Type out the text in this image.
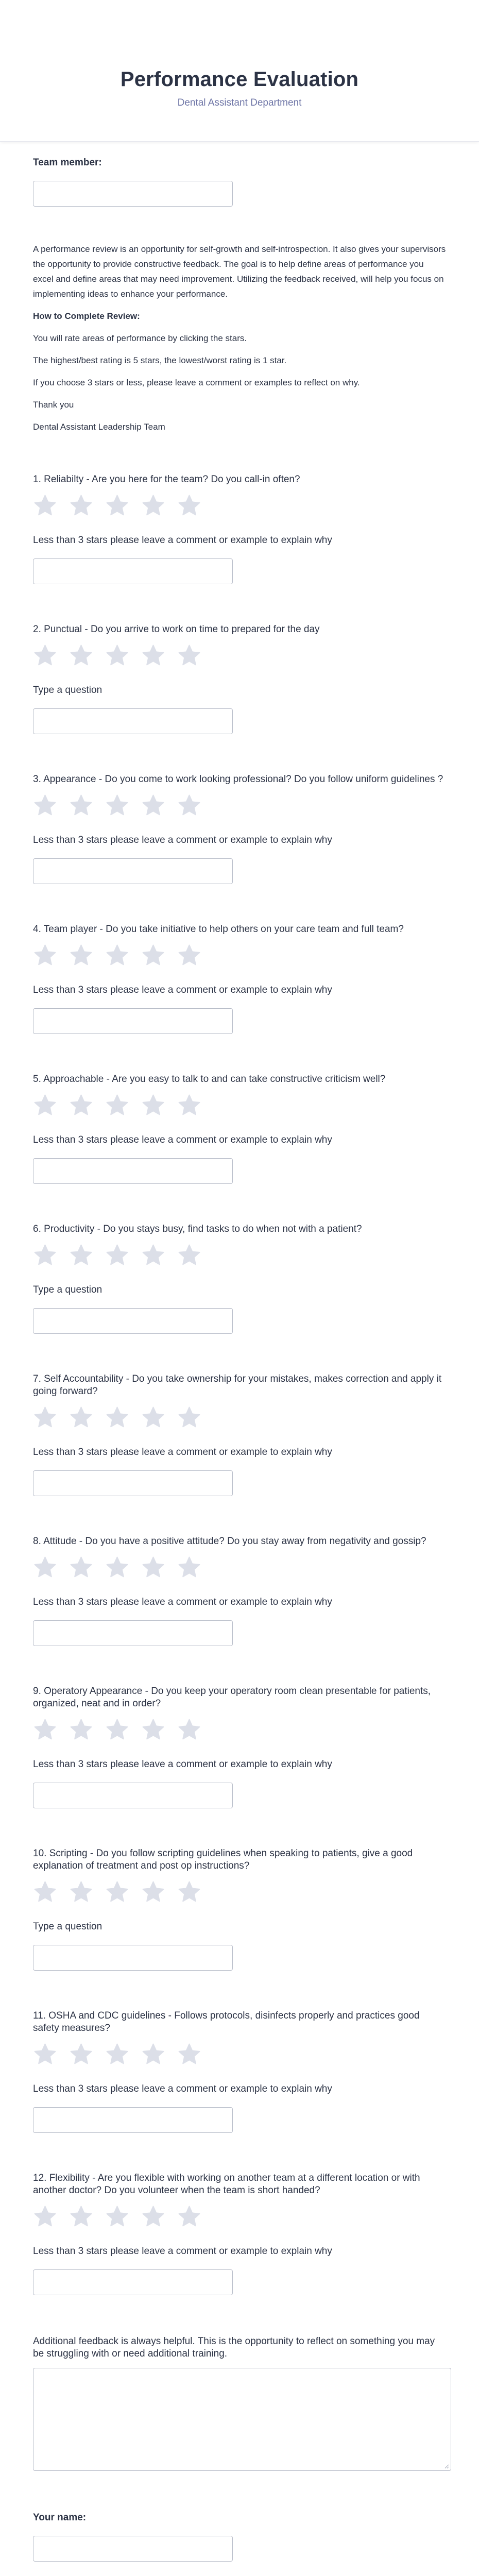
Performance Evaluation
Dental Assistant Department
Team member:

A performance review is an opportunity for self-growth and self-introspection. It also gives your supervisors the opportunity to provide constructive feedback. The goal is to help define areas of performance you excel and define areas that may need improvement. Utilizing the feedback received, will help you focus on implementing ideas to enhance your performance.

How to Complete Review:

You will rate areas of performance by clicking the stars.

The highest/best rating is 5 stars, the lowest/worst rating is 1 star.

If you choose 3 stars or less, please leave a comment or examples to reflect on why.

Thank you

Dental Assistant Leadership Team

1. Reliabilty - Are you here for the team? Do you call-in often?
Less than 3 stars please leave a comment or example to explain why
2. Punctual - Do you arrive to work on time to prepared for the day
Type a question
3. Appearance - Do you come to work looking professional? Do you follow uniform guidelines ?
Less than 3 stars please leave a comment or example to explain why
4. Team player - Do you take initiative to help others on your care team and full team?
Less than 3 stars please leave a comment or example to explain why
5. Approachable - Are you easy to talk to and can take constructive criticism well?
Less than 3 stars please leave a comment or example to explain why
6. Productivity - Do you stays busy, find tasks to do when not with a patient?
Type a question
7. Self Accountability - Do you take ownership for your mistakes, makes correction and apply it going forward?
Less than 3 stars please leave a comment or example to explain why
8. Attitude - Do you have a positive attitude? Do you stay away from negativity and gossip?
Less than 3 stars please leave a comment or example to explain why
9. Operatory Appearance - Do you keep your operatory room clean presentable for patients, organized, neat and in order?
Less than 3 stars please leave a comment or example to explain why
10. Scripting - Do you follow scripting guidelines when speaking to patients, give a good explanation of treatment and post op instructions?
Type a question
11. OSHA and CDC guidelines - Follows protocols, disinfects properly and practices good safety measures?
Less than 3 stars please leave a comment or example to explain why
12. Flexibility - Are you flexible with working on another team at a different location or with another doctor? Do you volunteer when the team is short handed?
Less than 3 stars please leave a comment or example to explain why
Additional feedback is always helpful. This is the opportunity to reflect on something you may be struggling with or need additional training.
Your name:
